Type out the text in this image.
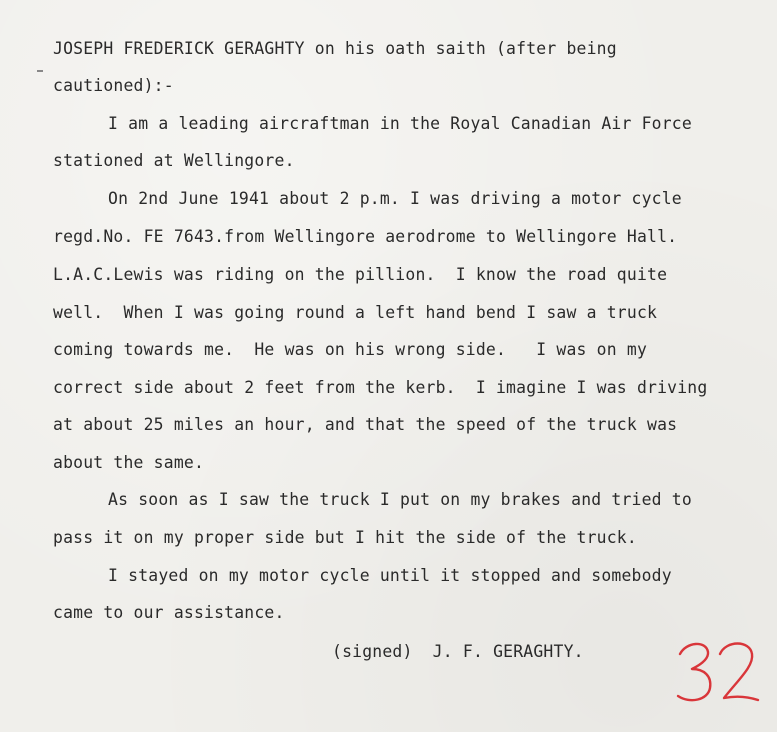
JOSEPH FREDERICK GERAGHTY on his oath saith (after being
cautioned):-
I am a leading aircraftman in the Royal Canadian Air Force
stationed at Wellingore.
On 2nd June 1941 about 2 p.m. I was driving a motor cycle
regd.No. FE 7643.from Wellingore aerodrome to Wellingore Hall.
L.A.C.Lewis was riding on the pillion.  I know the road quite
well.  When I was going round a left hand bend I saw a truck
coming towards me.  He was on his wrong side.   I was on my
correct side about 2 feet from the kerb.  I imagine I was driving
at about 25 miles an hour, and that the speed of the truck was
about the same.
As soon as I saw the truck I put on my brakes and tried to
pass it on my proper side but I hit the side of the truck.
I stayed on my motor cycle until it stopped and somebody
came to our assistance.
(signed)  J. F. GERAGHTY.
